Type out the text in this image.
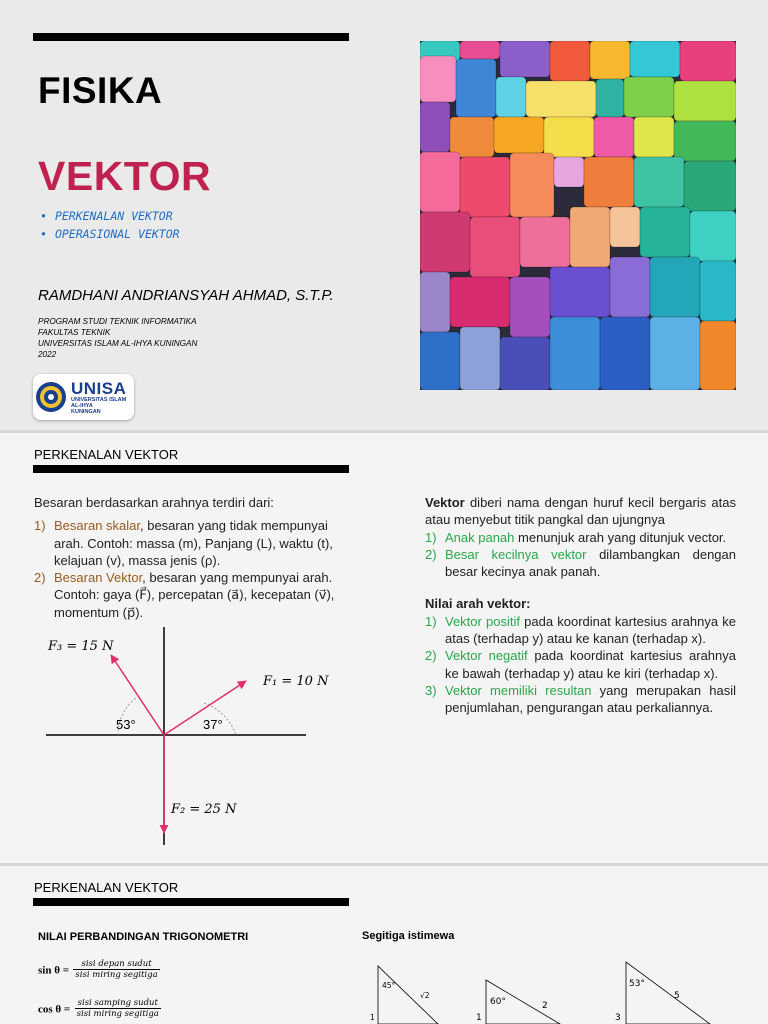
FISIKA
VEKTOR
• PERKENALAN VEKTOR
• OPERASIONAL VEKTOR
RAMDHANI ANDRIANSYAH AHMAD, S.T.P.
PROGRAM STUDI TEKNIK INFORMATIKA
FAKULTAS TEKNIK
UNIVERSITAS ISLAM AL-IHYA KUNINGAN
2022
UNISA
UNIVERSITAS ISLAM
AL-IHYA
KUNINGAN
PERKENALAN VEKTOR
Besaran berdasarkan arahnya terdiri dari:
1) Besaran skalar, besaran yang tidak mempunyai arah. Contoh: massa (m), Panjang (L), waktu (t), kelajuan (v), massa jenis (ρ).
2) Besaran Vektor, besaran yang mempunyai arah. Contoh: gaya (F⃗), percepatan (a⃗), kecepatan (v⃗), momentum (p⃗).
F₃ = 15 N
F₁ = 10 N
F₂ = 25 N
53°	37°
Vektor diberi nama dengan huruf kecil bergaris atas atau menyebut titik pangkal dan ujungnya
1) Anak panah menunjuk arah yang ditunjuk vector.
2) Besar kecilnya vektor dilambangkan dengan besar kecinya anak panah.
Nilai arah vektor:
1) Vektor positif pada koordinat kartesius arahnya ke atas (terhadap y) atau ke kanan (terhadap x).
2) Vektor negatif pada koordinat kartesius arahnya ke bawah (terhadap y) atau ke kiri (terhadap x).
3) Vektor memiliki resultan yang merupakan hasil penjumlahan, pengurangan atau perkaliannya.
PERKENALAN VEKTOR
NILAI PERBANDINGAN TRIGONOMETRI	Segitiga istimewa
$\sin \theta = \frac{\text{sisi depan sudut}}{\text{sisi miring segitiga}}$
$\cos \theta = \frac{\text{sisi samping sudut}}{\text{sisi miring segitiga}}$
45°
√2
1
60°	2
1
53°
5
3
